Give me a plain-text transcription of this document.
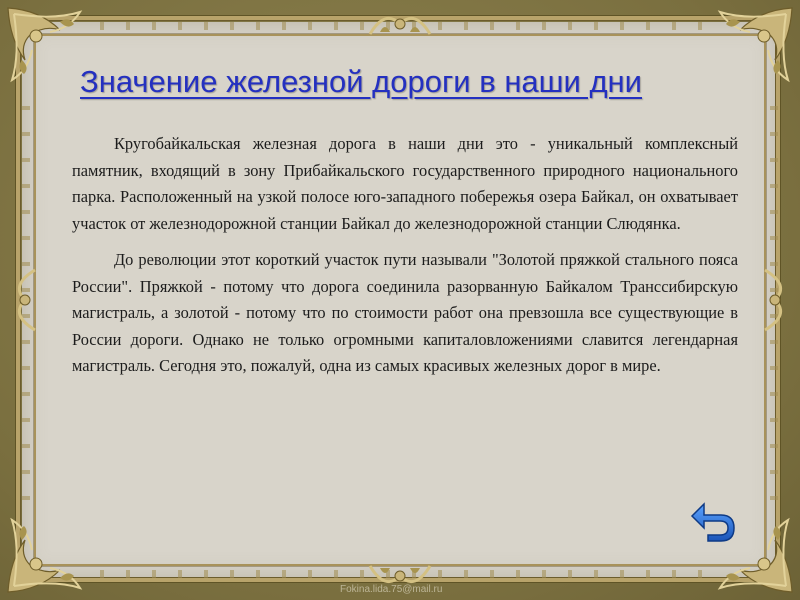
Значение железной дороги в наши дни

Кругобайкальская железная дорога в наши дни это - уникальный комплексный памятник, входящий в зону Прибайкальского государственного природного национального парка. Расположенный на узкой полосе юго-западного побережья озера Байкал, он охватывает участок от железнодорожной станции Байкал до железнодорожной станции Слюдянка.

До революции этот короткий участок пути называли "Золотой пряжкой стального пояса России". Пряжкой - потому что дорога соединила разорванную Байкалом Транссибирскую магистраль, а золотой - потому что по стоимости работ она превзошла все существующие в России дороги. Однако не только огромными капиталовложениями славится легендарная магистраль. Сегодня это, пожалуй, одна из самых красивых железных дорог в мире.

Fokina.lida.75@mail.ru
